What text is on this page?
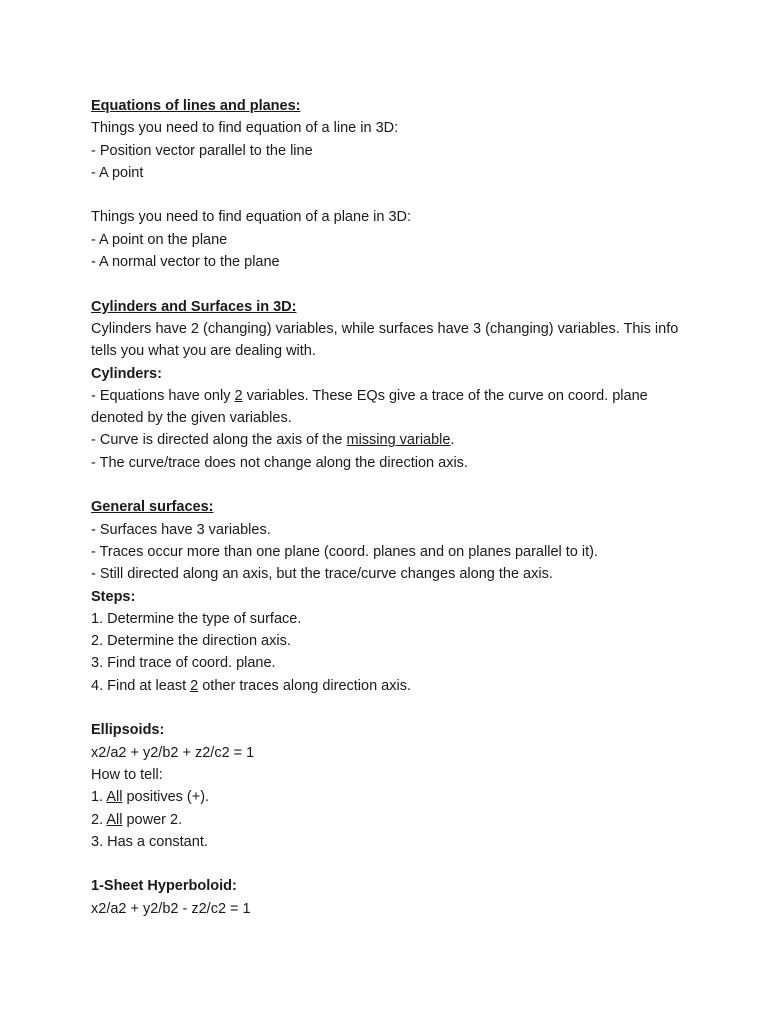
Equations of lines and planes:
Things you need to find equation of a line in 3D:
- Position vector parallel to the line
- A point
Things you need to find equation of a plane in 3D:
- A point on the plane
- A normal vector to the plane
Cylinders and Surfaces in 3D:
Cylinders have 2 (changing) variables, while surfaces have 3 (changing) variables. This info tells you what you are dealing with.
Cylinders:
- Equations have only 2 variables. These EQs give a trace of the curve on coord. plane denoted by the given variables.
- Curve is directed along the axis of the missing variable.
- The curve/trace does not change along the direction axis.
General surfaces:
- Surfaces have 3 variables.
- Traces occur more than one plane (coord. planes and on planes parallel to it).
- Still directed along an axis, but the trace/curve changes along the axis.
Steps:
1. Determine the type of surface.
2. Determine the direction axis.
3. Find trace of coord. plane.
4. Find at least 2 other traces along direction axis.
Ellipsoids:
x2/a2 + y2/b2 + z2/c2 = 1
How to tell:
1. All positives (+).
2. All power 2.
3. Has a constant.
1-Sheet Hyperboloid:
x2/a2 + y2/b2 - z2/c2 = 1
